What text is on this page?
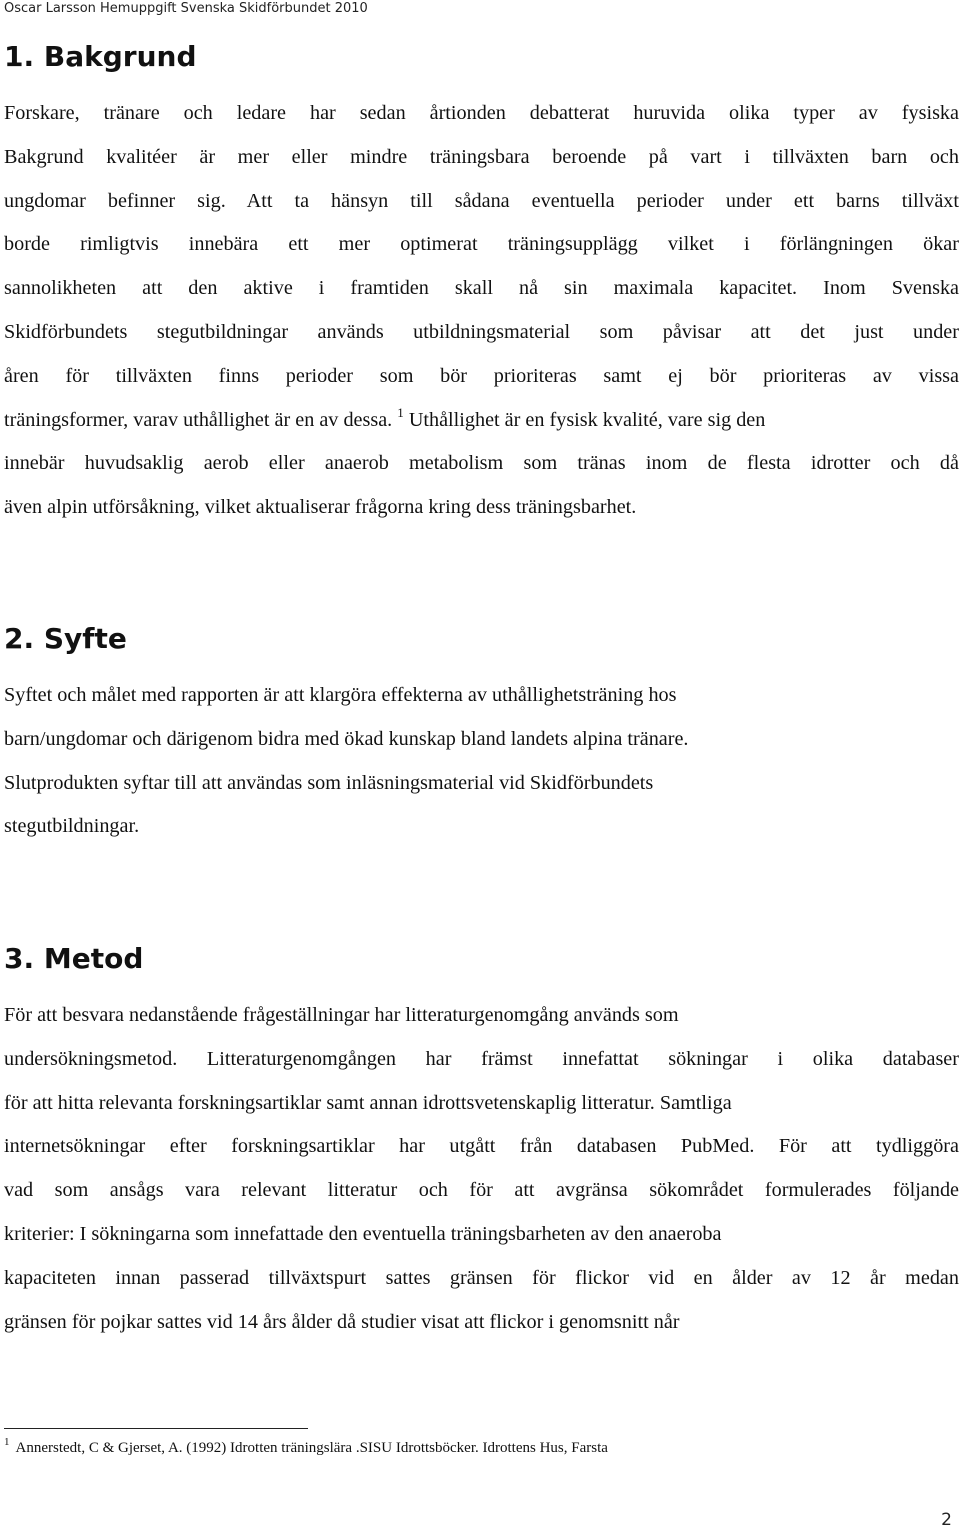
Oscar Larsson Hemuppgift Svenska Skidförbundet 2010
1. Bakgrund
Forskare, tränare och ledare har sedan årtionden debatterat huruvida olika typer av fysiska
Bakgrund kvalitéer är mer eller mindre träningsbara beroende på vart i tillväxten barn och
ungdomar befinner sig. Att ta hänsyn till sådana eventuella perioder under ett barns tillväxt
borde rimligtvis innebära ett mer optimerat träningsupplägg vilket i förlängningen ökar
sannolikheten att den aktive i framtiden skall nå sin maximala kapacitet. Inom Svenska
Skidförbundets stegutbildningar används utbildningsmaterial som påvisar att det just under
åren för tillväxten finns perioder som bör prioriteras samt ej bör prioriteras av vissa
träningsformer, varav uthållighet är en av dessa. $^1$ Uthållighet är en fysisk kvalité, vare sig den
innebär huvudsaklig aerob eller anaerob metabolism som tränas inom de flesta idrotter och då
även alpin utförsåkning, vilket aktualiserar frågorna kring dess träningsbarhet.
2. Syfte
Syftet och målet med rapporten är att klargöra effekterna av uthållighetsträning hos
barn/ungdomar och därigenom bidra med ökad kunskap bland landets alpina tränare.
Slutprodukten syftar till att användas som inläsningsmaterial vid Skidförbundets
stegutbildningar.
3. Metod
För att besvara nedanstående frågeställningar har litteraturgenomgång används som
undersökningsmetod. Litteraturgenomgången har främst innefattat sökningar i olika databaser
för att hitta relevanta forskningsartiklar samt annan idrottsvetenskaplig litteratur. Samtliga
internetsökningar efter forskningsartiklar har utgått från databasen PubMed. För att tydliggöra
vad som ansågs vara relevant litteratur och för att avgränsa sökområdet formulerades följande
kriterier: I sökningarna som innefattade den eventuella träningsbarheten av den anaeroba
kapaciteten innan passerad tillväxtspurt sattes gränsen för flickor vid en ålder av 12 år medan
gränsen för pojkar sattes vid 14 års ålder då studier visat att flickor i genomsnitt når
$^1$ Annerstedt, C & Gjerset, A. (1992) Idrotten träningslära .SISU Idrottsböcker. Idrottens Hus, Farsta
2
